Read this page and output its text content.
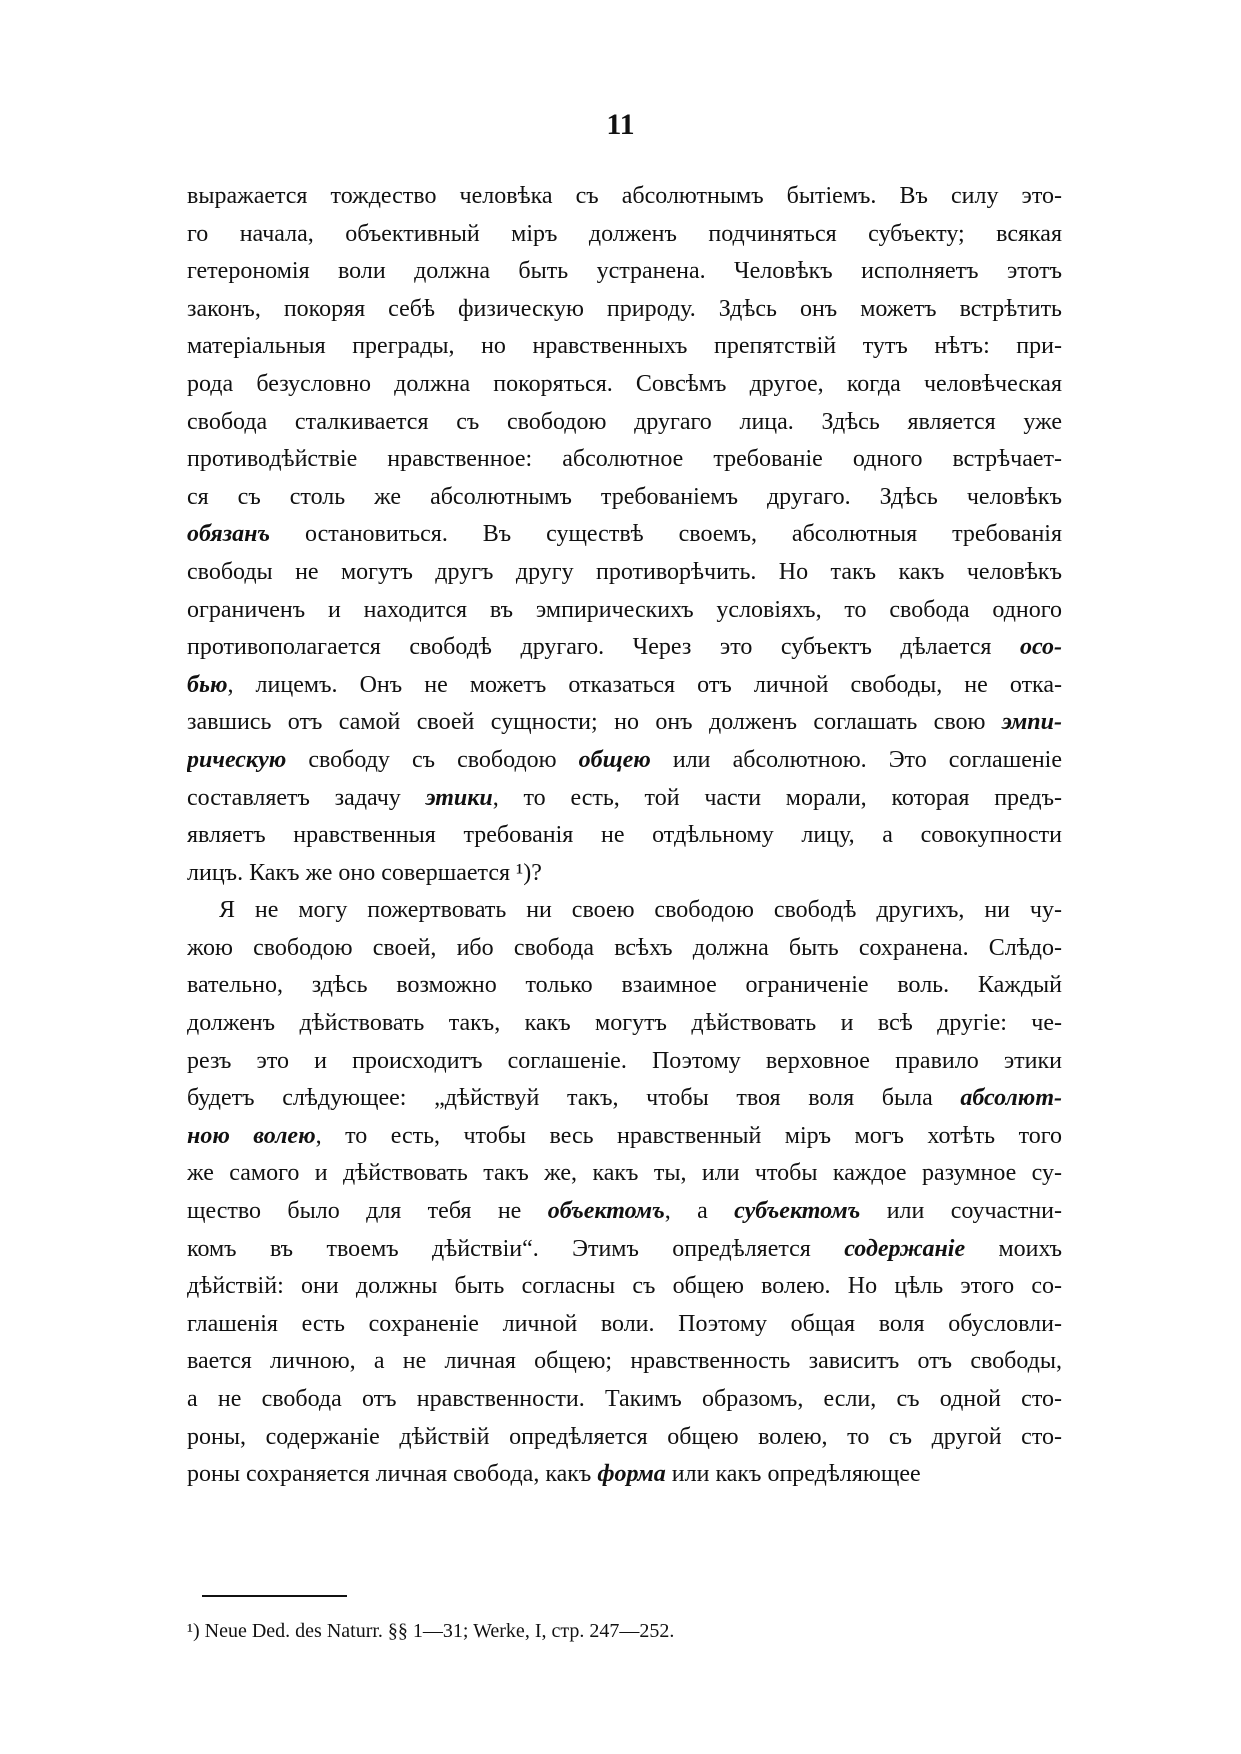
11
выражается тождество человѣка съ абсолютнымъ бытіемъ. Въ силу это-
го начала, объективный міръ долженъ подчиняться субъекту; всякая
гетерономія воли должна быть устранена. Человѣкъ исполняетъ этотъ
законъ, покоряя себѣ физическую природу. Здѣсь онъ можетъ встрѣтить
матеріальныя преграды, но нравственныхъ препятствій тутъ нѣтъ: при-
рода безусловно должна покоряться. Совсѣмъ другое, когда человѣческая
свобода сталкивается съ свободою другаго лица. Здѣсь является уже
противодѣйствіе нравственное: абсолютное требованіе одного встрѣчает-
ся съ столь же абсолютнымъ требованіемъ другаго. Здѣсь человѣкъ
обязанъ остановиться. Въ существѣ своемъ, абсолютныя требованія
свободы не могутъ другъ другу противорѣчить. Но такъ какъ человѣкъ
ограниченъ и находится въ эмпирическихъ условіяхъ, то свобода одного
противополагается свободѣ другаго. Через это субъектъ дѣлается осо-
бью, лицемъ. Онъ не можетъ отказаться отъ личной свободы, не отка-
завшись отъ самой своей сущности; но онъ долженъ соглашать свою эмпи-
рическую свободу съ свободою общею или абсолютною. Это соглашеніе
составляетъ задачу этики, то есть, той части морали, которая предъ-
являетъ нравственныя требованія не отдѣльному лицу, а совокупности
лицъ. Какъ же оно совершается ¹)?
Я не могу пожертвовать ни своею свободою свободѣ другихъ, ни чу-
жою свободою своей, ибо свобода всѣхъ должна быть сохранена. Слѣдо-
вательно, здѣсь возможно только взаимное ограниченіе воль. Каждый
долженъ дѣйствовать такъ, какъ могутъ дѣйствовать и всѣ другіе: че-
резъ это и происходитъ соглашеніе. Поэтому верховное правило этики
будетъ слѣдующее: „дѣйствуй такъ, чтобы твоя воля была абсолют-
ною волею, то есть, чтобы весь нравственный міръ могъ хотѣть того
же самого и дѣйствовать такъ же, какъ ты, или чтобы каждое разумное су-
щество было для тебя не объектомъ, а субъектомъ или соучастни-
комъ въ твоемъ дѣйствіи“. Этимъ опредѣляется содержаніе моихъ
дѣйствій: они должны быть согласны съ общею волею. Но цѣль этого со-
глашенія есть сохраненіе личной воли. Поэтому общая воля обусловли-
вается личною, а не личная общею; нравственность зависитъ отъ свободы,
а не свобода отъ нравственности. Такимъ образомъ, если, съ одной сто-
роны, содержаніе дѣйствій опредѣляется общею волею, то съ другой сто-
роны сохраняется личная свобода, какъ форма или какъ опредѣляющее
¹) Neue Ded. des Naturr. §§ 1—31; Werke, I, стр. 247—252.
